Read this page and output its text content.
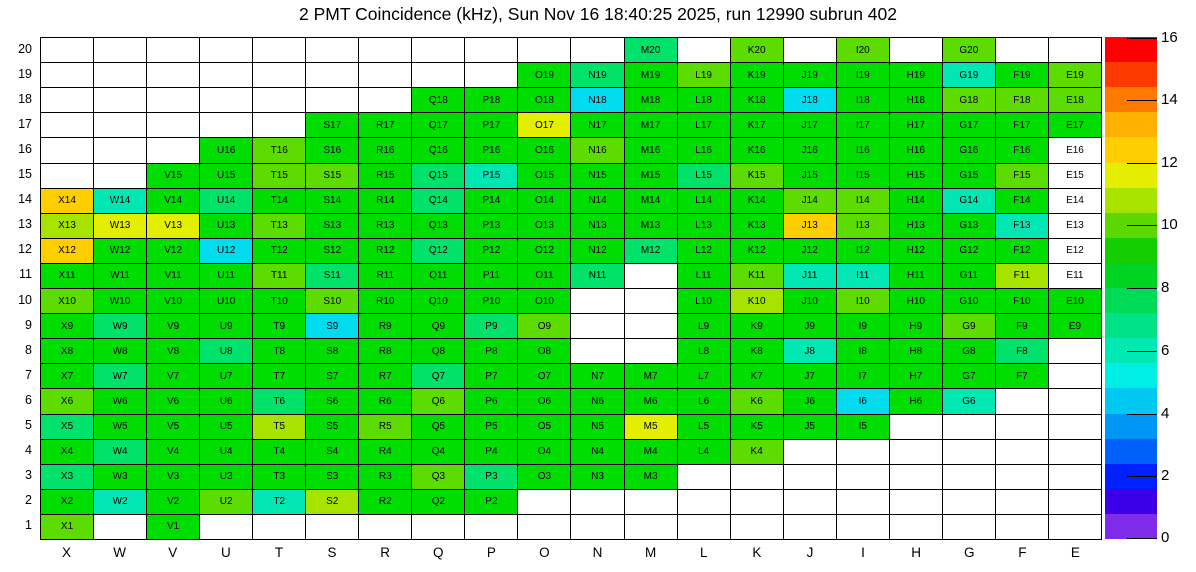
2 PMT Coincidence (kHz), Sun Nov 16 18:40:25 2025, run 12990 subrun 402
20
19
18
17
16
15
14
13
12
11
10
9
8
7
6
5
4
3
2
1
M20	K20	I20	G20
O19	N19	M19	L19	K19	J19	I19	H19	G19	F19	E19
Q18	P18	O18	N18	M18	L18	K18	J18	I18	H18	G18	F18	E18
S17	R17	Q17	P17	O17	N17	M17	L17	K17	J17	I17	H17	G17	F17	E17
U16	T16	S16	R16	Q16	P16	O16	N16	M16	L16	K16	J16	I16	H16	G16	F16	E16
V15	U15	T15	S15	R15	Q15	P15	O15	N15	M15	L15	K15	J15	I15	H15	G15	F15	E15
X14	W14	V14	U14	T14	S14	R14	Q14	P14	O14	N14	M14	L14	K14	J14	I14	H14	G14	F14	E14
X13	W13	V13	U13	T13	S13	R13	Q13	P13	O13	N13	M13	L13	K13	J13	I13	H13	G13	F13	E13
X12	W12	V12	U12	T12	S12	R12	Q12	P12	O12	N12	M12	L12	K12	J12	I12	H12	G12	F12	E12
X11	W11	V11	U11	T11	S11	R11	Q11	P11	O11	N11	L11	K11	J11	I11	H11	G11	F11	E11
X10	W10	V10	U10	T10	S10	R10	Q10	P10	O10	L10	K10	J10	I10	H10	G10	F10	E10
X9	W9	V9	U9	T9	S9	R9	Q9	P9	O9	L9	K9	J9	I9	H9	G9	F9	E9
X8	W8	V8	U8	T8	S8	R8	Q8	P8	O8	L8	K8	J8	I8	H8	G8	F8
X7	W7	V7	U7	T7	S7	R7	Q7	P7	O7	N7	M7	L7	K7	J7	I7	H7	G7	F7
X6	W6	V6	U6	T6	S6	R6	Q6	P6	O6	N6	M6	L6	K6	J6	I6	H6	G6
X5	W5	V5	U5	T5	S5	R5	Q5	P5	O5	N5	M5	L5	K5	J5	I5
X4	W4	V4	U4	T4	S4	R4	Q4	P4	O4	N4	M4	L4	K4
X3	W3	V3	U3	T3	S3	R3	Q3	P3	O3	N3	M3
X2	W2	V2	U2	T2	S2	R2	Q2	P2
X1	V1
X	W	V	U	T	S	R	Q	P	O	N	M	L	K	J	I	H	G	F	E
16
14
12
10
8
6
4
2
0
